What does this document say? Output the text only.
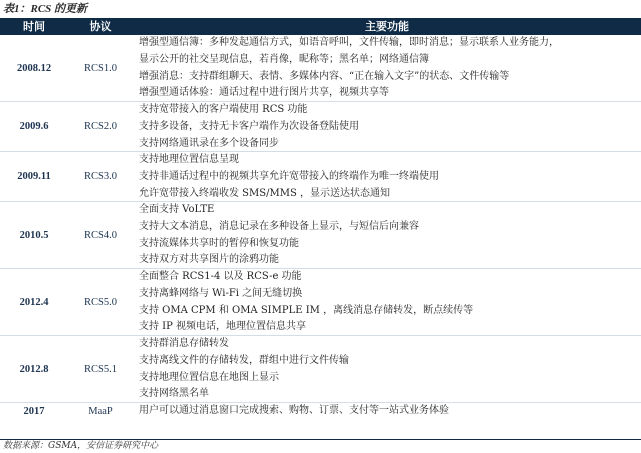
表1：RCS 的更新
时间	协议	主要功能
2008.12	RCS1.0
增强型通信簿：多种发起通信方式，如语音呼叫，文件传输，即时消息；显示联系人业务能力，
显示公开的社交呈现信息，若肖像，昵称等；黑名单；网络通信簿
增强消息：支持群组聊天、表情、多媒体内容、“正在输入文字”的状态、文件传输等
增强型通话体验：通话过程中进行图片共享，视频共享等
2009.6	RCS2.0
支持宽带接入的客户端使用 RCS 功能
支持多设备，支持无卡客户端作为次设备登陆使用
支持网络通讯录在多个设备同步
2009.11	RCS3.0
支持地理位置信息呈现
支持非通话过程中的视频共享允许宽带接入的终端作为唯一终端使用
允许宽带接入终端收发 SMS/MMS ，显示送达状态通知
2010.5	RCS4.0
全面支持 VoLTE
支持大文本消息，消息记录在多种设备上显示，与短信后向兼容
支持流媒体共享时的暂停和恢复功能
支持双方对共享图片的涂鸦功能
2012.4	RCS5.0
全面整合 RCS1-4 以及 RCS-e 功能
支持离蜂网络与 Wi-Fi 之间无缝切换
支持 OMA CPM 和 OMA SIMPLE IM ，离线消息存储转发，断点续传等
支持 IP 视频电话，地理位置信息共享
2012.8	RCS5.1
支持群消息存储转发
支持离线文件的存储转发，群组中进行文件传输
支持地理位置信息在地图上显示
支持网络黑名单
2017	MaaP	用户可以通过消息窗口完成搜索、购物、订票、支付等一站式业务体验
数据来源：GSMA，安信证券研究中心
